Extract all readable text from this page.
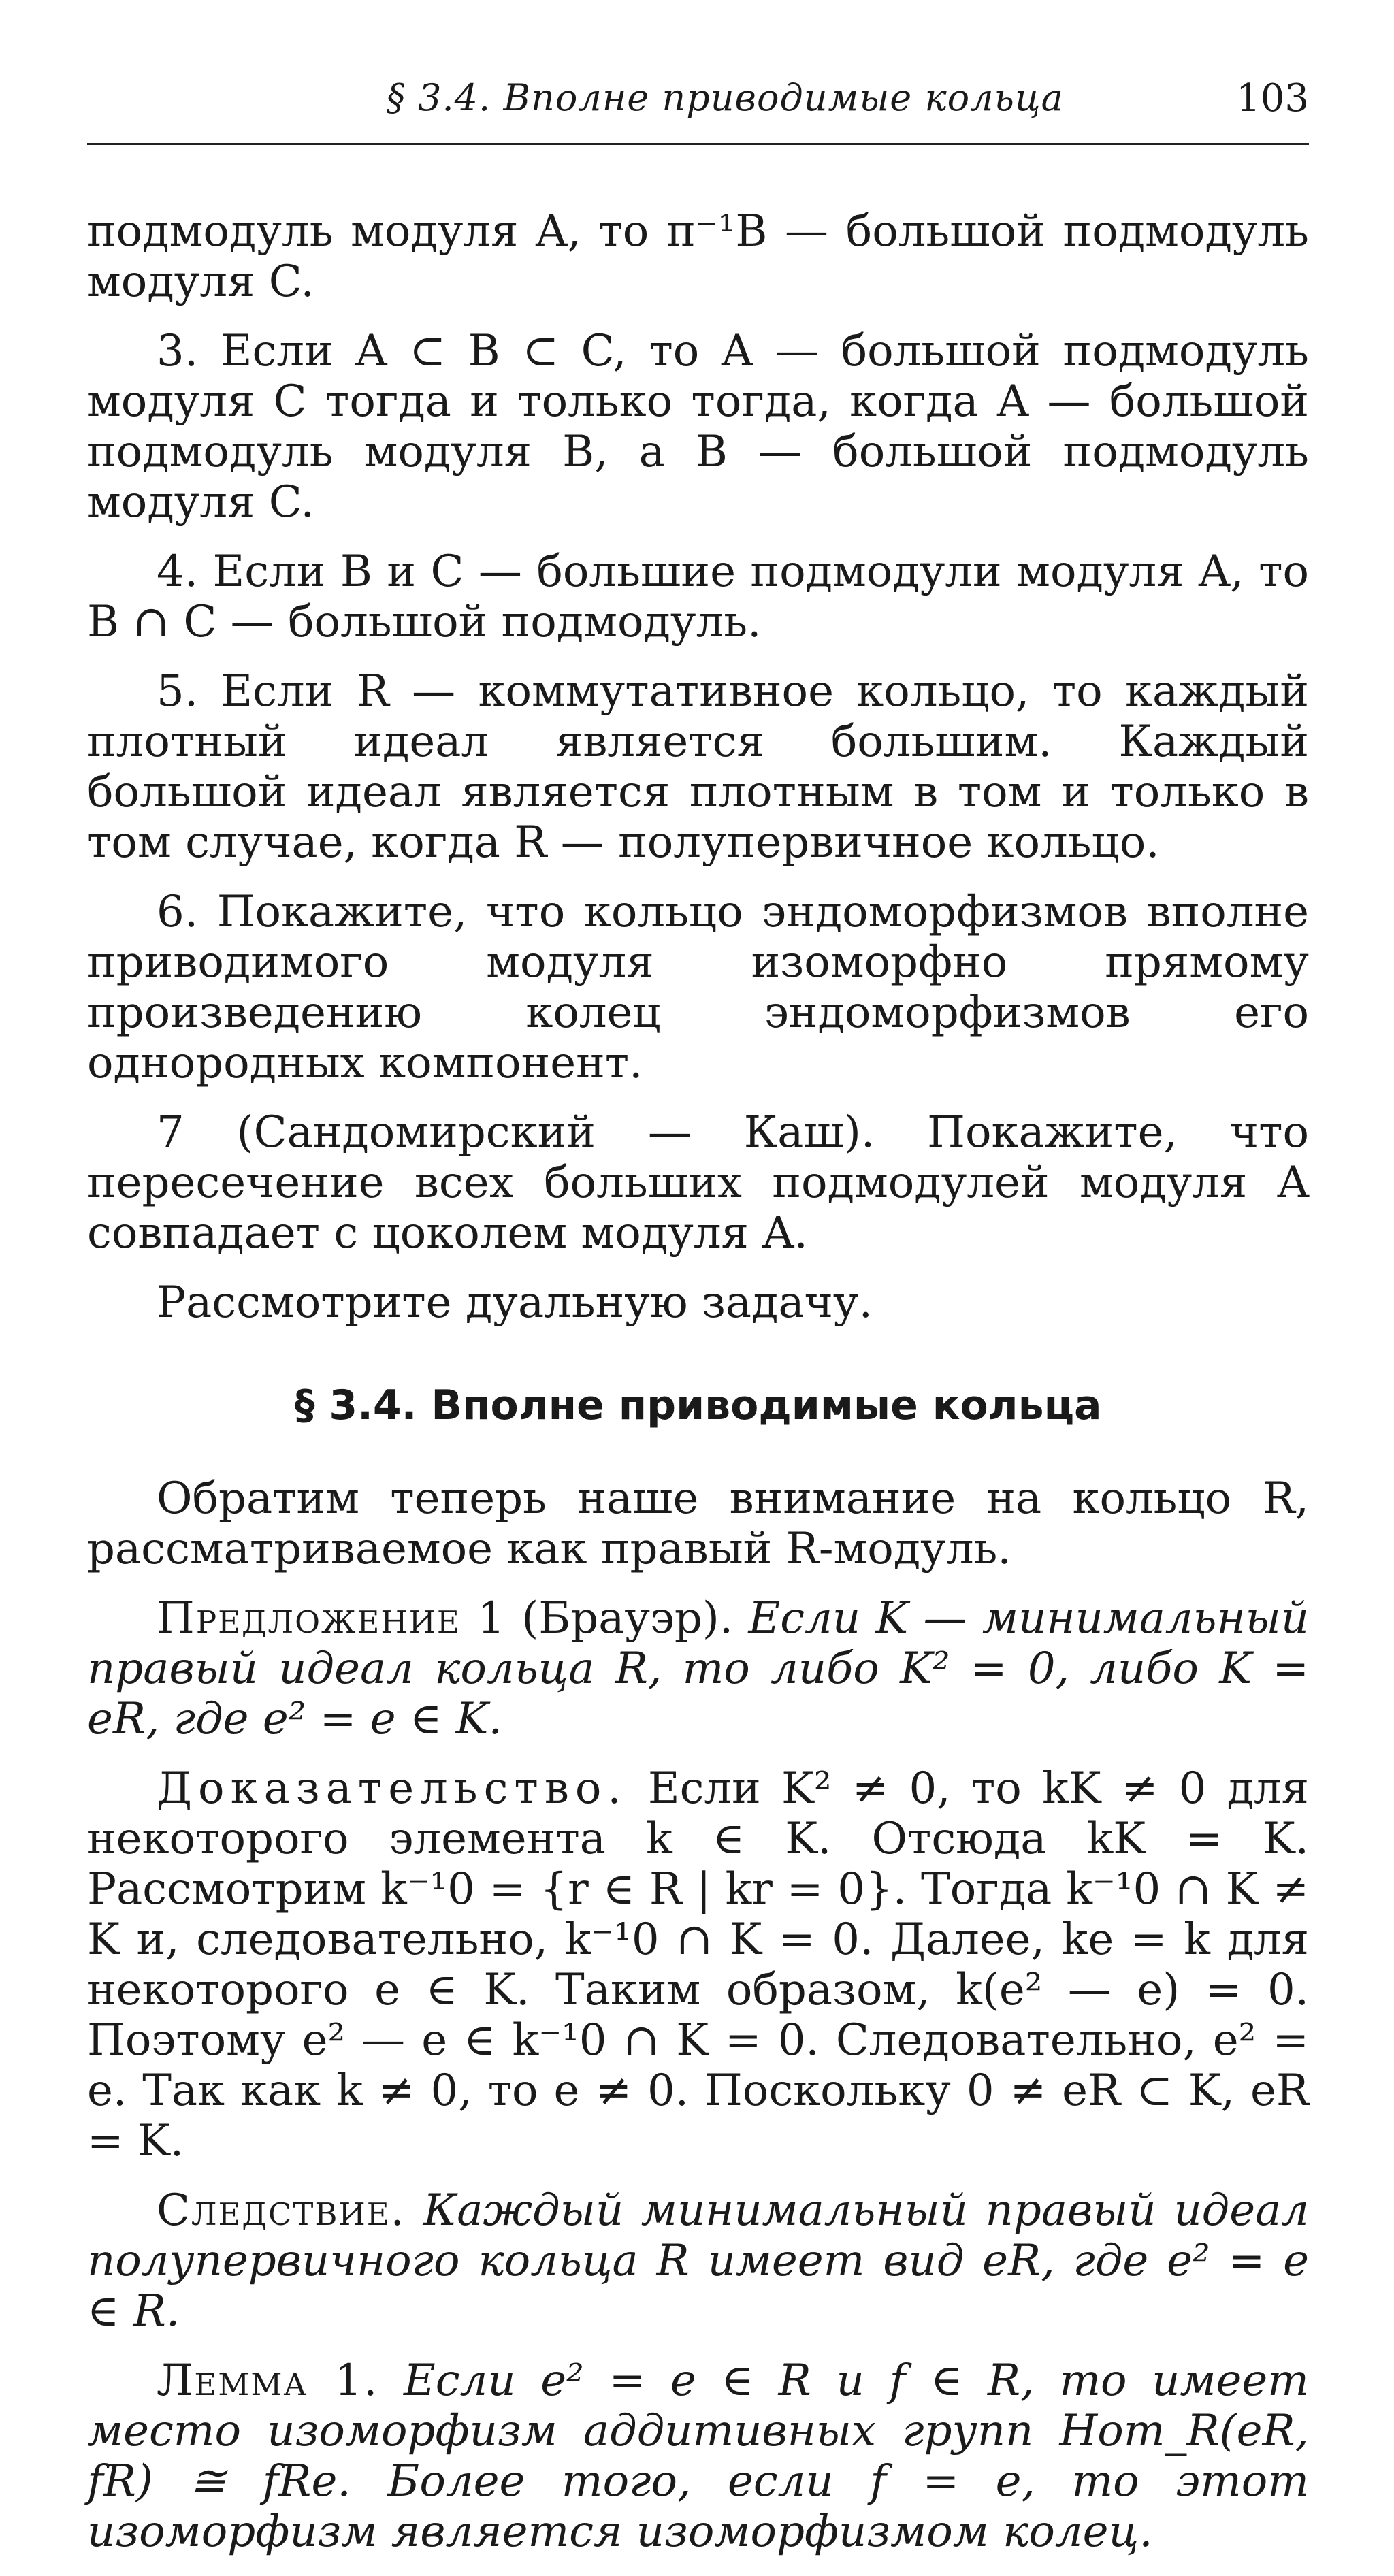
§ 3.4. Вполне приводимые кольца	103

подмодуль модуля A, то π⁻¹B — большой подмодуль модуля C.

3. Если A ⊂ B ⊂ C, то A — большой подмодуль модуля C тогда и только тогда, когда A — большой подмодуль модуля B, а B — большой подмодуль модуля C.

4. Если B и C — большие подмодули модуля A, то B ∩ C — большой подмодуль.

5. Если R — коммутативное кольцо, то каждый плотный идеал является большим. Каждый большой идеал является плотным в том и только в том случае, когда R — полупервичное кольцо.

6. Покажите, что кольцо эндоморфизмов вполне приводимого модуля изоморфно прямому произведению колец эндоморфизмов его однородных компонент.

7 (Сандомирский — Каш). Покажите, что пересечение всех больших подмодулей модуля A совпадает с цоколем модуля A.

Рассмотрите дуальную задачу.

§ 3.4. Вполне приводимые кольца

Обратим теперь наше внимание на кольцо R, рассматриваемое как правый R-модуль.

Предложение 1 (Брауэр). Если K — минимальный правый идеал кольца R, то либо K² = 0, либо K = eR, где e² = e ∈ K.

Доказательство. Если K² ≠ 0, то kK ≠ 0 для некоторого элемента k ∈ K. Отсюда kK = K. Рассмотрим k⁻¹0 = {r ∈ R | kr = 0}. Тогда k⁻¹0 ∩ K ≠ K и, следовательно, k⁻¹0 ∩ K = 0. Далее, ke = k для некоторого e ∈ K. Таким образом, k(e² — e) = 0. Поэтому e² — e ∈ k⁻¹0 ∩ K = 0. Следовательно, e² = e. Так как k ≠ 0, то e ≠ 0. Поскольку 0 ≠ eR ⊂ K, eR = K.

Следствие. Каждый минимальный правый идеал полупервичного кольца R имеет вид eR, где e² = e ∈ R.

Лемма 1. Если e² = e ∈ R и f ∈ R, то имеет место изоморфизм аддитивных групп Hom_R(eR, fR) ≅ fRe. Более того, если f = e, то этот изоморфизм является изоморфизмом колец.
